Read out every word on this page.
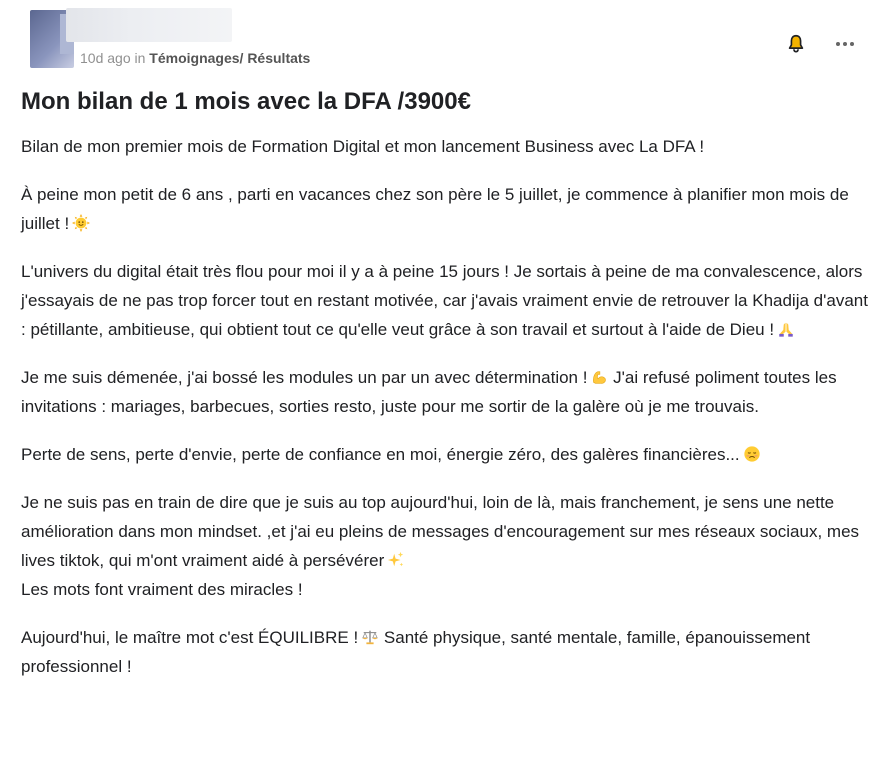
10d ago in Témoignages/ Résultats
Mon bilan de 1 mois avec la DFA /3900€

Bilan de mon premier mois de Formation Digital et mon lancement Business avec La DFA !

À peine mon petit de 6 ans , parti en vacances chez son père le 5 juillet, je commence à planifier mon mois de juillet !

L'univers du digital était très flou pour moi il y a à peine 15 jours ! Je sortais à peine de ma convalescence, alors j'essayais de ne pas trop forcer tout en restant motivée, car j'avais vraiment envie de retrouver la Khadija d'avant : pétillante, ambitieuse, qui obtient tout ce qu'elle veut grâce à son travail et surtout à l'aide de Dieu !

Je me suis démenée, j'ai bossé les modules un par un avec détermination ! J'ai refusé poliment toutes les invitations : mariages, barbecues, sorties resto, juste pour me sortir de la galère où je me trouvais.

Perte de sens, perte d'envie, perte de confiance en moi, énergie zéro, des galères financières...

Je ne suis pas en train de dire que je suis au top aujourd'hui, loin de là, mais franchement, je sens une nette amélioration dans mon mindset. ,et j'ai eu pleins de messages d'encouragement sur mes réseaux sociaux, mes lives tiktok, qui m'ont vraiment aidé à persévérer
Les mots font vraiment des miracles !

Aujourd'hui, le maître mot c'est ÉQUILIBRE ! Santé physique, santé mentale, famille, épanouissement professionnel !
